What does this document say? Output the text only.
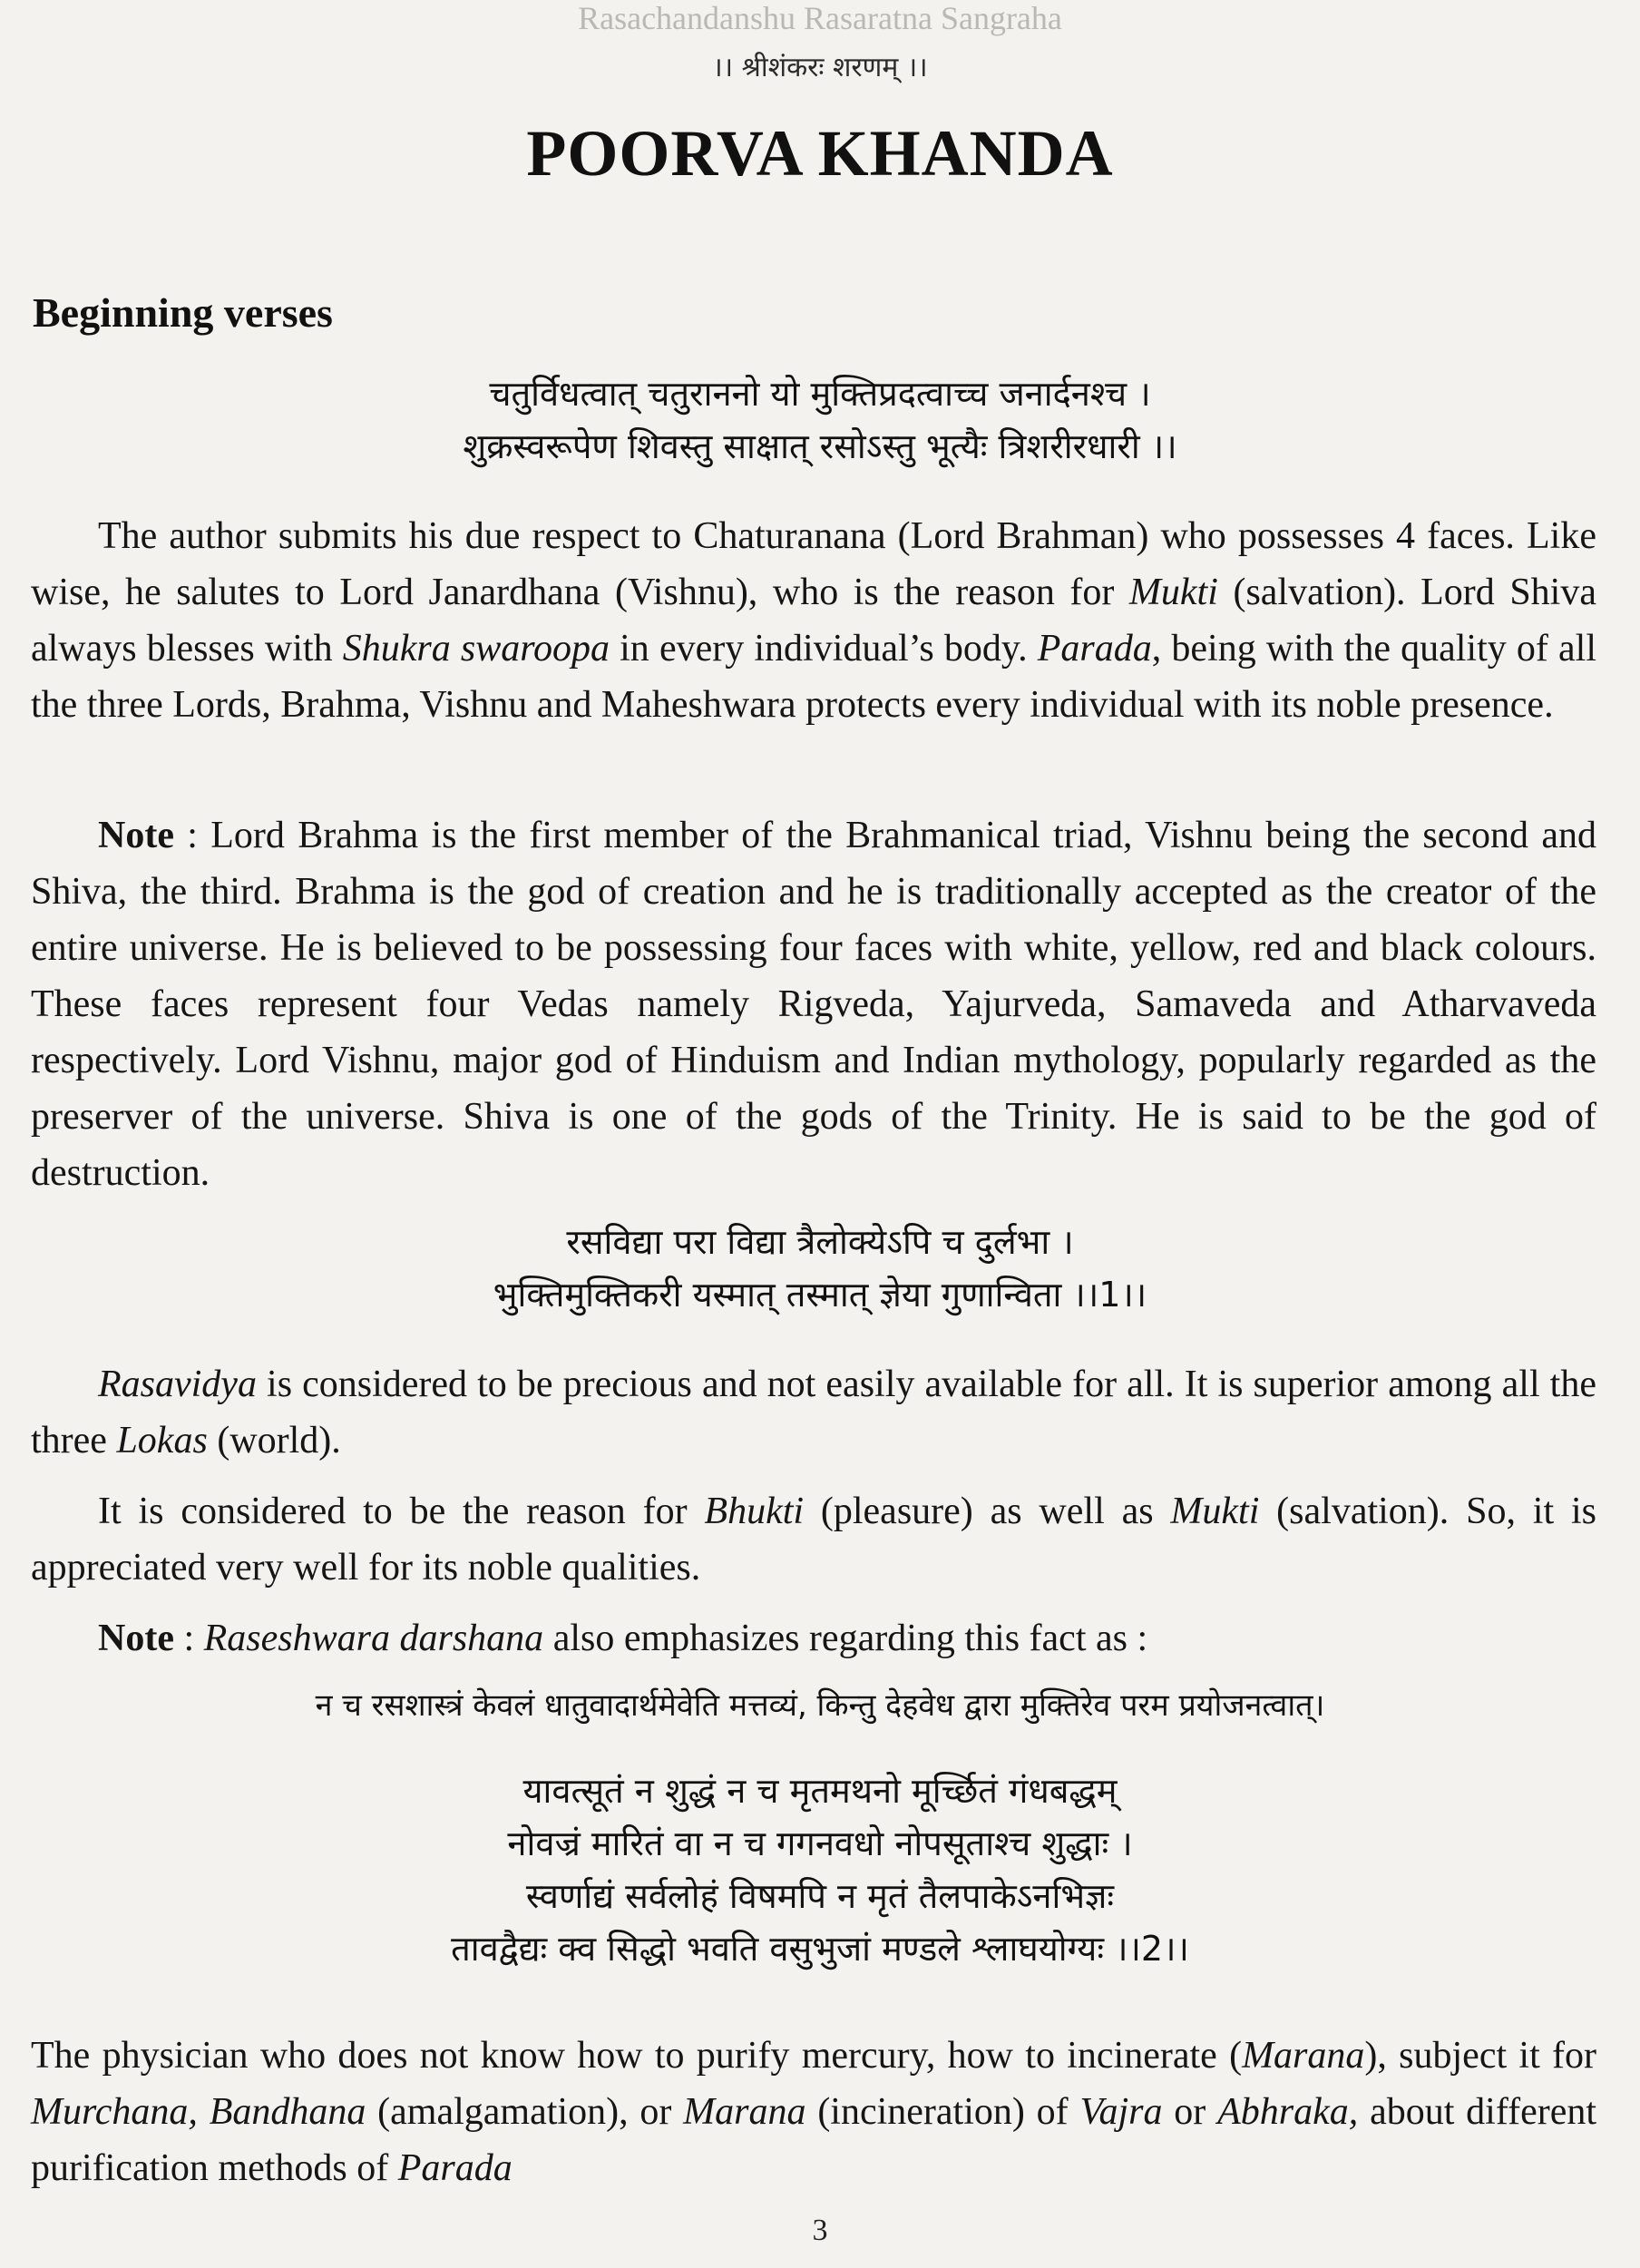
Rasachandanshu Rasaratna Sangraha
।। श्रीशंकरः शरणम् ।।
POORVA KHANDA
Beginning verses
चतुर्विधत्वात् चतुराननो यो मुक्तिप्रदत्वाच्च जनार्दनश्च ।
शुक्रस्वरूपेण शिवस्तु साक्षात् रसोऽस्तु भूत्यैः त्रिशरीरधारी ।।
The author submits his due respect to Chaturanana (Lord Brahman) who possesses 4 faces. Like wise, he salutes to Lord Janardhana (Vishnu), who is the reason for Mukti (salvation). Lord Shiva always blesses with Shukra swaroopa in every individual’s body. Parada, being with the quality of all the three Lords, Brahma, Vishnu and Maheshwara protects every individual with its noble presence.
Note : Lord Brahma is the first member of the Brahmanical triad, Vishnu being the second and Shiva, the third. Brahma is the god of creation and he is traditionally accepted as the creator of the entire universe. He is believed to be possessing four faces with white, yellow, red and black colours. These faces represent four Vedas namely Rigveda, Yajurveda, Samaveda and Atharvaveda respectively. Lord Vishnu, major god of Hinduism and Indian mythology, popularly regarded as the preserver of the universe. Shiva is one of the gods of the Trinity. He is said to be the god of destruction.
रसविद्या परा विद्या त्रैलोक्येऽपि च दुर्लभा ।
भुक्तिमुक्तिकरी यस्मात् तस्मात् ज्ञेया गुणान्विता ।।1।।
Rasavidya is considered to be precious and not easily available for all. It is superior among all the three Lokas (world).
It is considered to be the reason for Bhukti (pleasure) as well as Mukti (salvation). So, it is appreciated very well for its noble qualities.
Note : Raseshwara darshana also emphasizes regarding this fact as :
न च रसशास्त्रं केवलं धातुवादार्थमेवेति मत्तव्यं, किन्तु देहवेध द्वारा मुक्तिरेव परम प्रयोजनत्वात्।
यावत्सूतं न शुद्धं न च मृतमथनो मूर्च्छितं गंधबद्धम्
नोवज्रं मारितं वा न च गगनवधो नोपसूताश्च शुद्धाः ।
स्वर्णाद्यं सर्वलोहं विषमपि न मृतं तैलपाकेऽनभिज्ञः
तावद्वैद्यः क्व सिद्धो भवति वसुभुजां मण्डले श्लाघयोग्यः ।।2।।
The physician who does not know how to purify mercury, how to incinerate (Marana), subject it for Murchana, Bandhana (amalgamation), or Marana (incineration) of Vajra or Abhraka, about different purification methods of Parada
3
